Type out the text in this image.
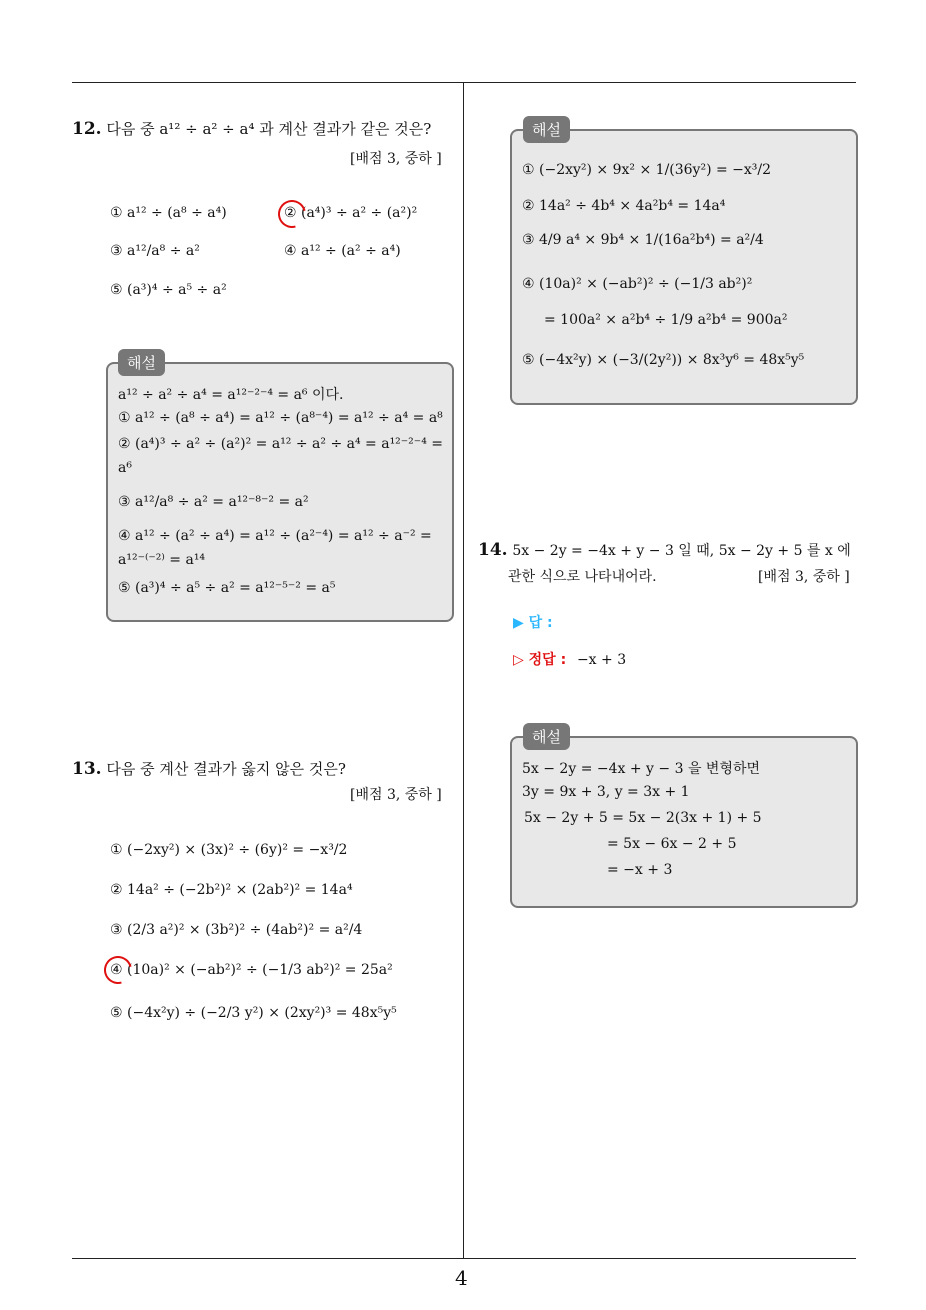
12. 다음 중 a¹² ÷ a² ÷ a⁴ 과 계산 결과가 같은 것은?
[배점 3, 중하 ]
① a¹² ÷ (a⁸ ÷ a⁴)	② (a⁴)³ ÷ a² ÷ (a²)²
③ a¹²/a⁸ ÷ a²	④ a¹² ÷ (a² ÷ a⁴)
⑤ (a³)⁴ ÷ a⁵ ÷ a²
해설
a¹² ÷ a² ÷ a⁴ = a¹²⁻²⁻⁴ = a⁶ 이다.
① a¹² ÷ (a⁸ ÷ a⁴) = a¹² ÷ (a⁸⁻⁴) = a¹² ÷ a⁴ = a⁸
② (a⁴)³ ÷ a² ÷ (a²)² = a¹² ÷ a² ÷ a⁴ = a¹²⁻²⁻⁴ =
a⁶
③ a¹²/a⁸ ÷ a² = a¹²⁻⁸⁻² = a²
④ a¹² ÷ (a² ÷ a⁴) = a¹² ÷ (a²⁻⁴) = a¹² ÷ a⁻² =
a¹²⁻⁽⁻²⁾ = a¹⁴
⑤ (a³)⁴ ÷ a⁵ ÷ a² = a¹²⁻⁵⁻² = a⁵
13. 다음 중 계산 결과가 옳지 않은 것은?
[배점 3, 중하 ]
① (−2xy²) × (3x)² ÷ (6y)² = −x³/2
② 14a² ÷ (−2b²)² × (2ab²)² = 14a⁴
③ (2/3 a²)² × (3b²)² ÷ (4ab²)² = a²/4
④ (10a)² × (−ab²)² ÷ (−1/3 ab²)² = 25a²
⑤ (−4x²y) ÷ (−2/3 y²) × (2xy²)³ = 48x⁵y⁵
해설
① (−2xy²) × 9x² × 1/(36y²) = −x³/2
② 14a² ÷ 4b⁴ × 4a²b⁴ = 14a⁴
③ 4/9 a⁴ × 9b⁴ × 1/(16a²b⁴) = a²/4
④ (10a)² × (−ab²)² ÷ (−1/3 ab²)²
= 100a² × a²b⁴ ÷ 1/9 a²b⁴ = 900a²
⑤ (−4x²y) × (−3/(2y²)) × 8x³y⁶ = 48x⁵y⁵
14. 5x − 2y = −4x + y − 3 일 때, 5x − 2y + 5 를 x 에
관한 식으로 나타내어라.	[배점 3, 중하 ]
▶ 답 :
▷ 정답 : −x + 3
해설
5x − 2y = −4x + y − 3 을 변형하면
3y = 9x + 3, y = 3x + 1
5x − 2y + 5 = 5x − 2(3x + 1) + 5
= 5x − 6x − 2 + 5
= −x + 3
4
